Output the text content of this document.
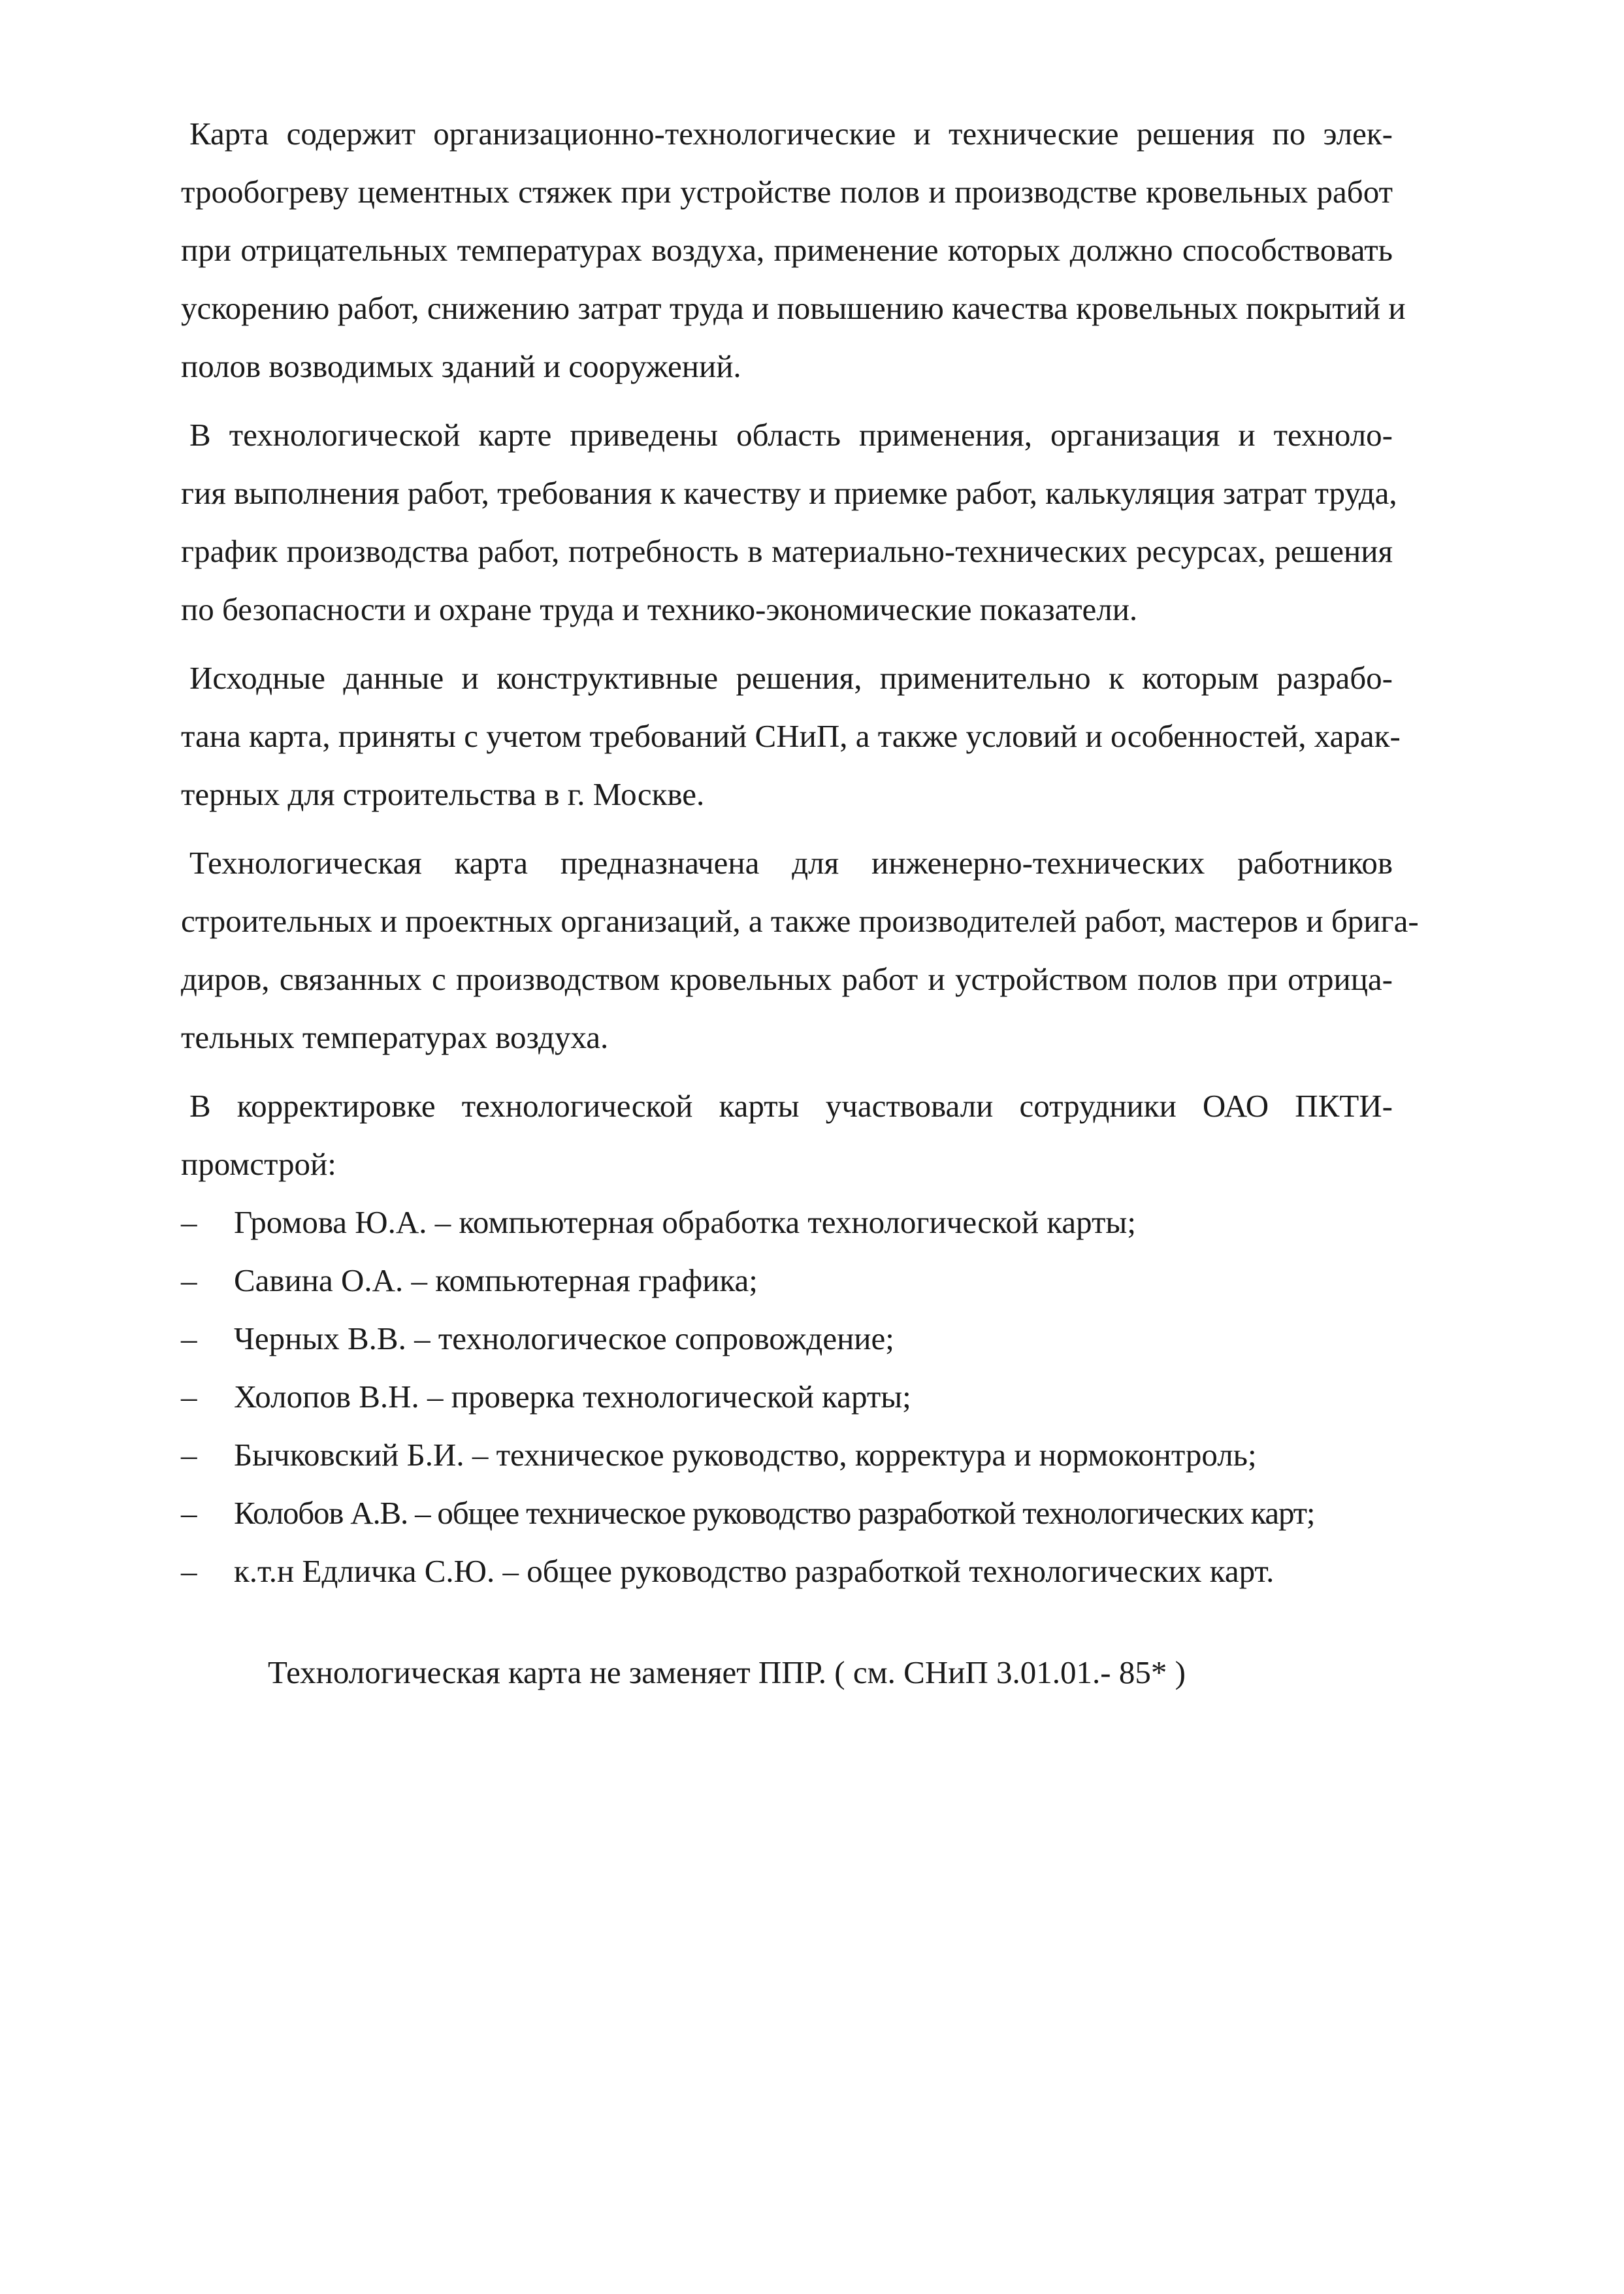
Карта содержит организационно-технологические и технические решения по элек-
трообогреву цементных стяжек при устройстве полов и производстве кровельных работ
при отрицательных температурах воздуха, применение которых должно способствовать
ускорению работ, снижению затрат труда и повышению качества кровельных покрытий и
полов возводимых зданий и сооружений.
В технологической карте приведены область применения, организация и техноло-
гия выполнения работ, требования к качеству и приемке работ, калькуляция затрат труда,
график производства работ, потребность в материально-технических ресурсах, решения
по безопасности и охране труда и технико-экономические показатели.
Исходные данные и конструктивные решения, применительно к которым разрабо-
тана карта, приняты с учетом требований СНиП, а также условий и особенностей, харак-
терных для строительства в г. Москве.
Технологическая карта предназначена для инженерно-технических работников
строительных и проектных организаций, а также производителей работ, мастеров и брига-
диров, связанных с производством кровельных работ и устройством полов при отрица-
тельных температурах воздуха.
В корректировке технологической карты участвовали сотрудники ОАО ПКТИ-
промстрой:
–	Громова Ю.А. – компьютерная обработка технологической карты;
–	Савина О.А. – компьютерная графика;
–	Черных В.В. – технологическое сопровождение;
–	Холопов В.Н. – проверка технологической карты;
–	Бычковский Б.И. – техническое руководство, корректура и нормоконтроль;
–	Колобов А.В. – общее техническое руководство разработкой технологических карт;
–	к.т.н Едличка С.Ю. – общее руководство разработкой технологических карт.
Технологическая карта не заменяет ППР. ( см. СНиП 3.01.01.- 85* )
